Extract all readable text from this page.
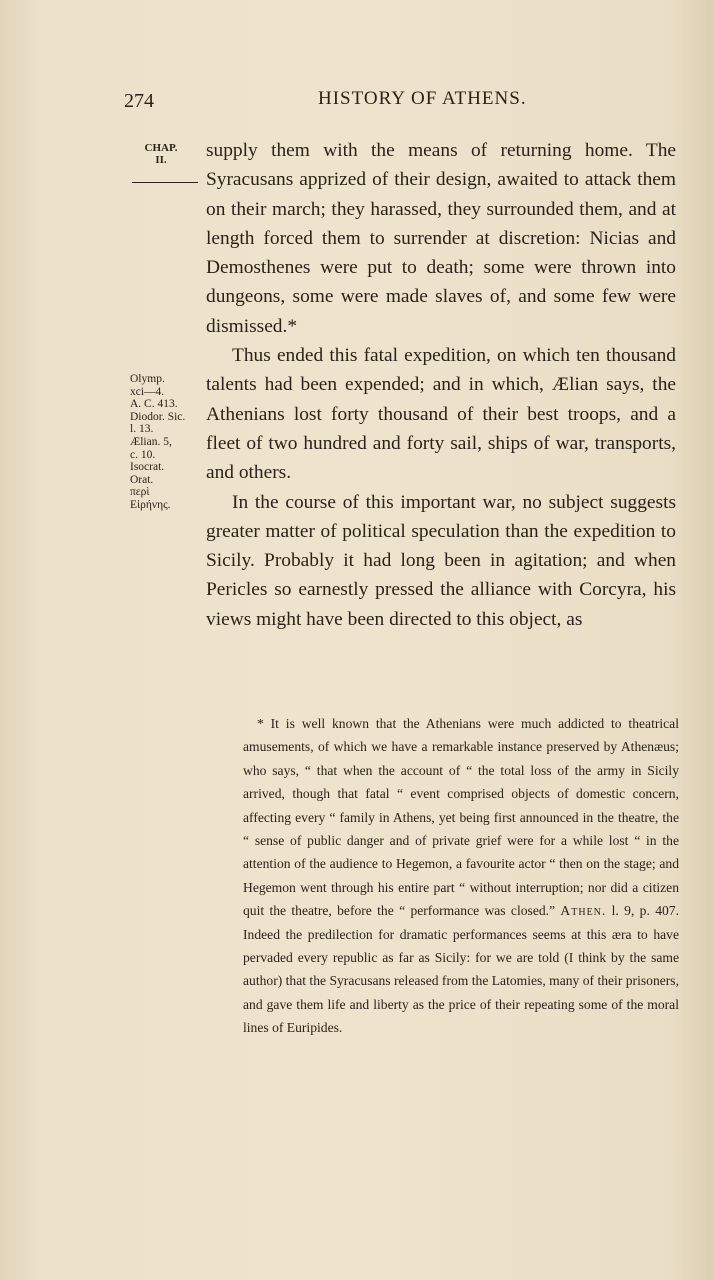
274	HISTORY OF ATHENS.
CHAP.
II.	supply them with the means of returning home. The Syracusans apprized of their design, awaited to attack them on their march; they harassed, they surrounded them, and at length forced them to surrender at discretion: Nicias and Demosthenes were put to death; some were thrown into dungeons, some were made slaves of, and some few were dismissed.*

Thus ended this fatal expedition, on which ten thousand talents had been expended; and in which, Ælian says, the Athenians lost forty thousand of their best troops, and a fleet of two hundred and forty sail, ships of war, transports, and others.

In the course of this important war, no subject suggests greater matter of political speculation than the expedition to Sicily. Probably it had long been in agitation; and when Pericles so earnestly pressed the alliance with Corcyra, his views might have been directed to this object, as

Olymp.
xci—4.
A. C. 413.
Diodor. Sic.
l. 13.
Ælian. 5,
c. 10.
Isocrat.
Orat.
περὶ
Εἰρήνης.

* It is well known that the Athenians were much addicted to theatrical amusements, of which we have a remarkable instance preserved by Athenæus; who says, “ that when the account of “ the total loss of the army in Sicily arrived, though that fatal “ event comprised objects of domestic concern, affecting every “ family in Athens, yet being first announced in the theatre, the “ sense of public danger and of private grief were for a while lost “ in the attention of the audience to Hegemon, a favourite actor “ then on the stage; and Hegemon went through his entire part “ without interruption; nor did a citizen quit the theatre, before the “ performance was closed.” Athen. l. 9, p. 407. Indeed the predilection for dramatic performances seems at this æra to have pervaded every republic as far as Sicily: for we are told (I think by the same author) that the Syracusans released from the Latomies, many of their prisoners, and gave them life and liberty as the price of their repeating some of the moral lines of Euripides.
